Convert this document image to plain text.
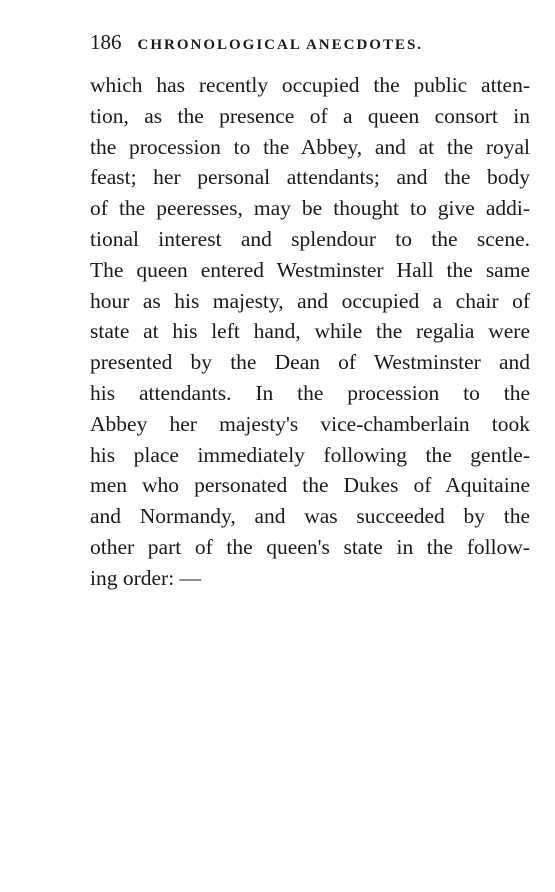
186 CHRONOLOGICAL ANECDOTES.
which has recently occupied the public atten-
tion, as the presence of a queen consort in
the procession to the Abbey, and at the royal
feast; her personal attendants; and the body
of the peeresses, may be thought to give addi-
tional interest and splendour to the scene.
The queen entered Westminster Hall the same
hour as his majesty, and occupied a chair of
state at his left hand, while the regalia were
presented by the Dean of Westminster and
his attendants. In the procession to the
Abbey her majesty's vice-chamberlain took
his place immediately following the gentle-
men who personated the Dukes of Aquitaine
and Normandy, and was succeeded by the
other part of the queen's state in the follow-
ing order: —
